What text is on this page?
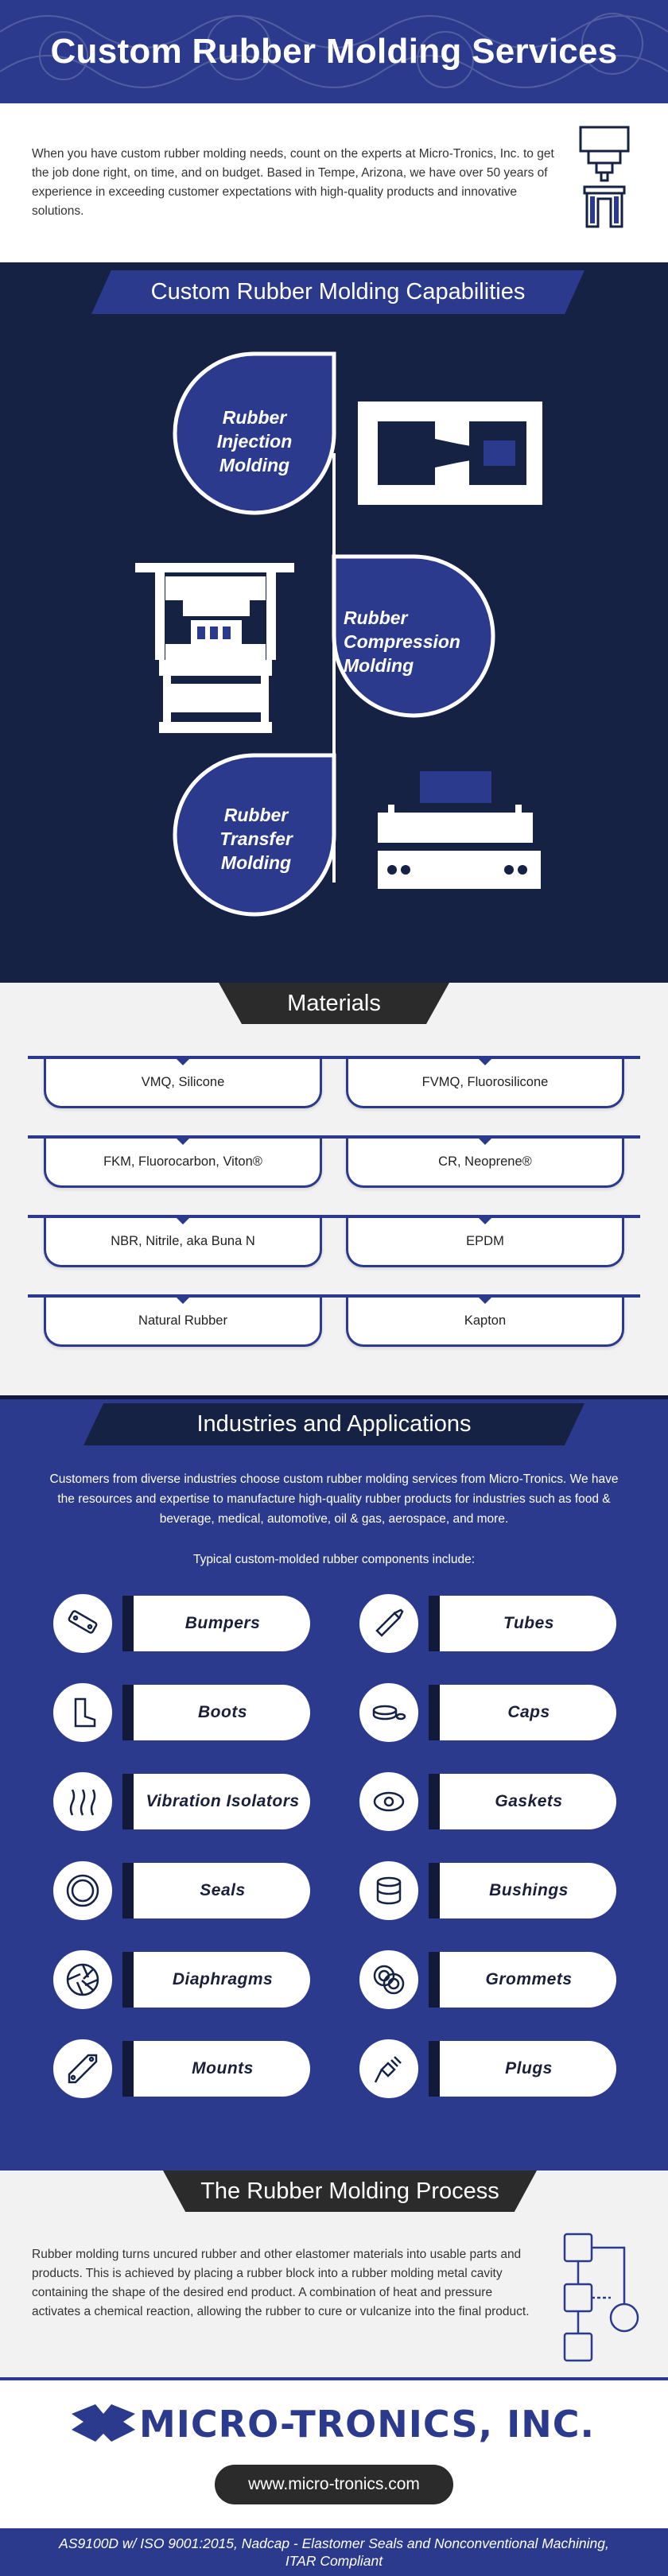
Custom Rubber Molding Services

When you have custom rubber molding needs, count on the experts at Micro-Tronics, Inc. to get the job done right, on time, and on budget. Based in Tempe, Arizona, we have over 50 years of experience in exceeding customer expectations with high-quality products and innovative solutions.

Custom Rubber Molding Capabilities
Rubber
Injection
Molding
Rubber
Compression
Molding
Rubber
Transfer
Molding
Materials
VMQ, Silicone	FVMQ, Fluorosilicone
FKM, Fluorocarbon, Viton®	CR, Neoprene®
NBR, Nitrile, aka Buna N	EPDM
Natural Rubber	Kapton
Industries and Applications
Customers from diverse industries choose custom rubber molding services from Micro-Tronics. We have the resources and expertise to manufacture high-quality rubber products for industries such as food & beverage, medical, automotive, oil & gas, aerospace, and more.
Typical custom-molded rubber components include:
Bumpers	Tubes
Boots	Caps
Vibration Isolators	Gaskets
Seals	Bushings
Diaphragms	Grommets
Mounts	Plugs
The Rubber Molding Process

Rubber molding turns uncured rubber and other elastomer materials into usable parts and products. This is achieved by placing a rubber block into a rubber molding metal cavity containing the shape of the desired end product. A combination of heat and pressure activates a chemical reaction, allowing the rubber to cure or vulcanize into the final product.

MICRO-TRONICS, INC.
www.micro-tronics.com
AS9100D w/ ISO 9001:2015, Nadcap - Elastomer Seals and Nonconventional Machining,
ITAR Compliant
